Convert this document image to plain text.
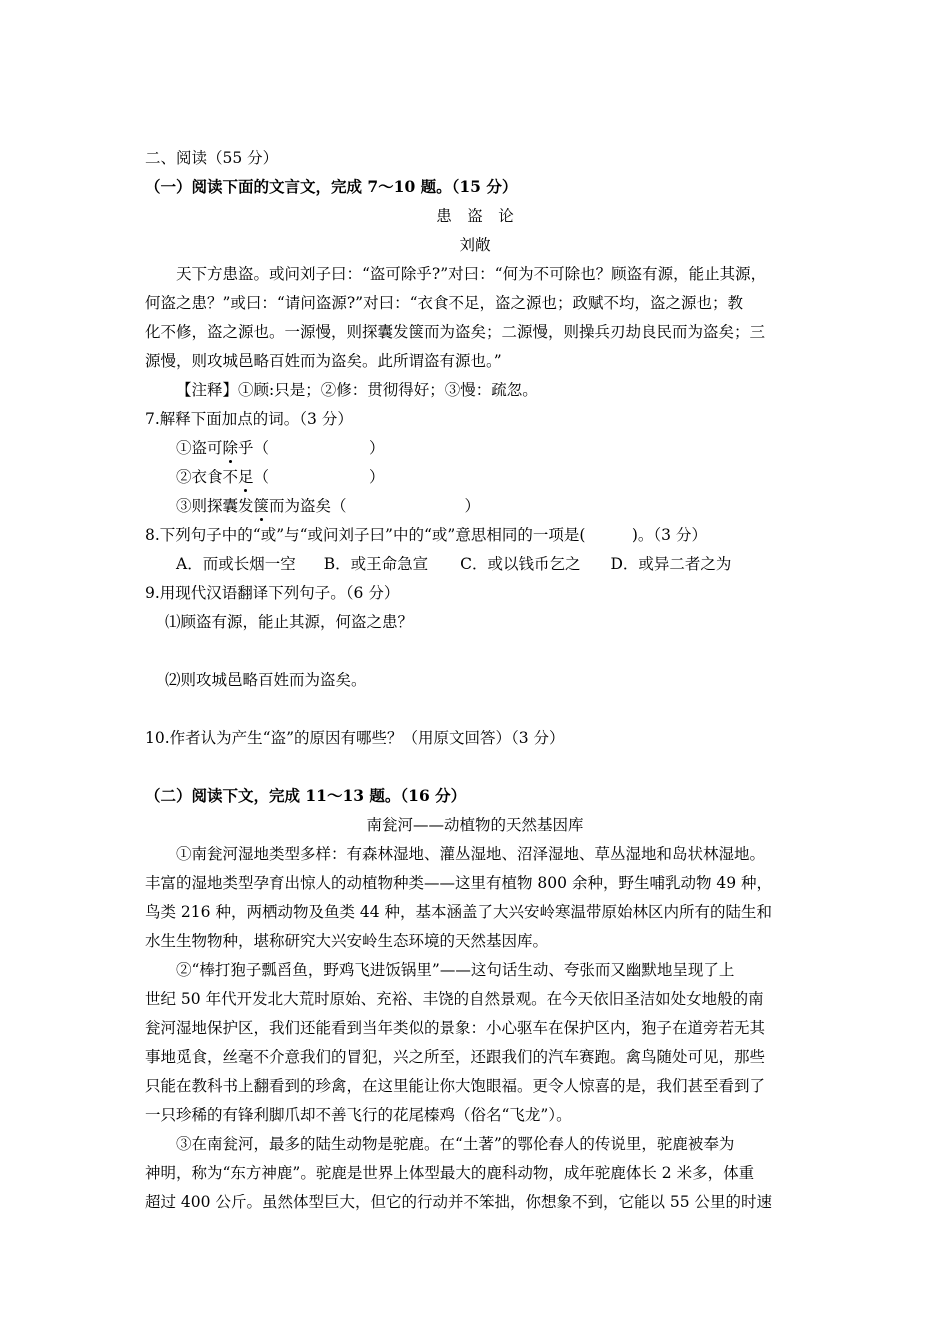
二、阅读（55 分）
（一）阅读下面的文言文，完成 7～10 题。（15 分）
患　盗　论
刘敞
天下方患盗。或问刘子曰：“盗可除乎?”对曰：“何为不可除也？顾盗有源，能止其源，
何盗之患？”或曰：“请问盗源?”对曰：“衣食不足，盗之源也；政赋不均，盗之源也；教
化不修，盗之源也。一源慢，则探囊发箧而为盗矣；二源慢，则操兵刃劫良民而为盗矣；三
源慢，则攻城邑略百姓而为盗矣。此所谓盗有源也。”
【注释】①顾:只是；②修：贯彻得好；③慢：疏忽。
7.解释下面加点的词。（3 分）
①盗可除乎（	）
②衣食不足（	）
③则探囊发箧而为盗矣（	）
8.下列句子中的“或”与“或问刘子曰”中的“或”意思相同的一项是(　　　)。（3 分）
A．而或长烟一空 B．或王命急宣 C．或以钱币乞之 D．或异二者之为
9.用现代汉语翻译下列句子。（6 分）
⑴顾盗有源，能止其源，何盗之患？
⑵则攻城邑略百姓而为盗矣。
10.作者认为产生“盗”的原因有哪些？（用原文回答）（3 分）
（二）阅读下文，完成 11～13 题。（16 分）
南瓮河——动植物的天然基因库
①南瓮河湿地类型多样：有森林湿地、灌丛湿地、沼泽湿地、草丛湿地和岛状林湿地。
丰富的湿地类型孕育出惊人的动植物种类——这里有植物 800 余种，野生哺乳动物 49 种，
鸟类 216 种，两栖动物及鱼类 44 种，基本涵盖了大兴安岭寒温带原始林区内所有的陆生和
水生生物物种，堪称研究大兴安岭生态环境的天然基因库。
②“棒打狍子瓢舀鱼，野鸡飞进饭锅里”——这句话生动、夸张而又幽默地呈现了上
世纪 50 年代开发北大荒时原始、充裕、丰饶的自然景观。在今天依旧圣洁如处女地般的南
瓮河湿地保护区，我们还能看到当年类似的景象：小心驱车在保护区内，狍子在道旁若无其
事地觅食，丝毫不介意我们的冒犯，兴之所至，还跟我们的汽车赛跑。禽鸟随处可见，那些
只能在教科书上翻看到的珍禽，在这里能让你大饱眼福。更令人惊喜的是，我们甚至看到了
一只珍稀的有锋利脚爪却不善飞行的花尾榛鸡（俗名“飞龙”）。
③在南瓮河，最多的陆生动物是驼鹿。在“土著”的鄂伦春人的传说里，驼鹿被奉为
神明，称为“东方神鹿”。驼鹿是世界上体型最大的鹿科动物，成年驼鹿体长 2 米多，体重
超过 400 公斤。虽然体型巨大，但它的行动并不笨拙，你想象不到，它能以 55 公里的时速
